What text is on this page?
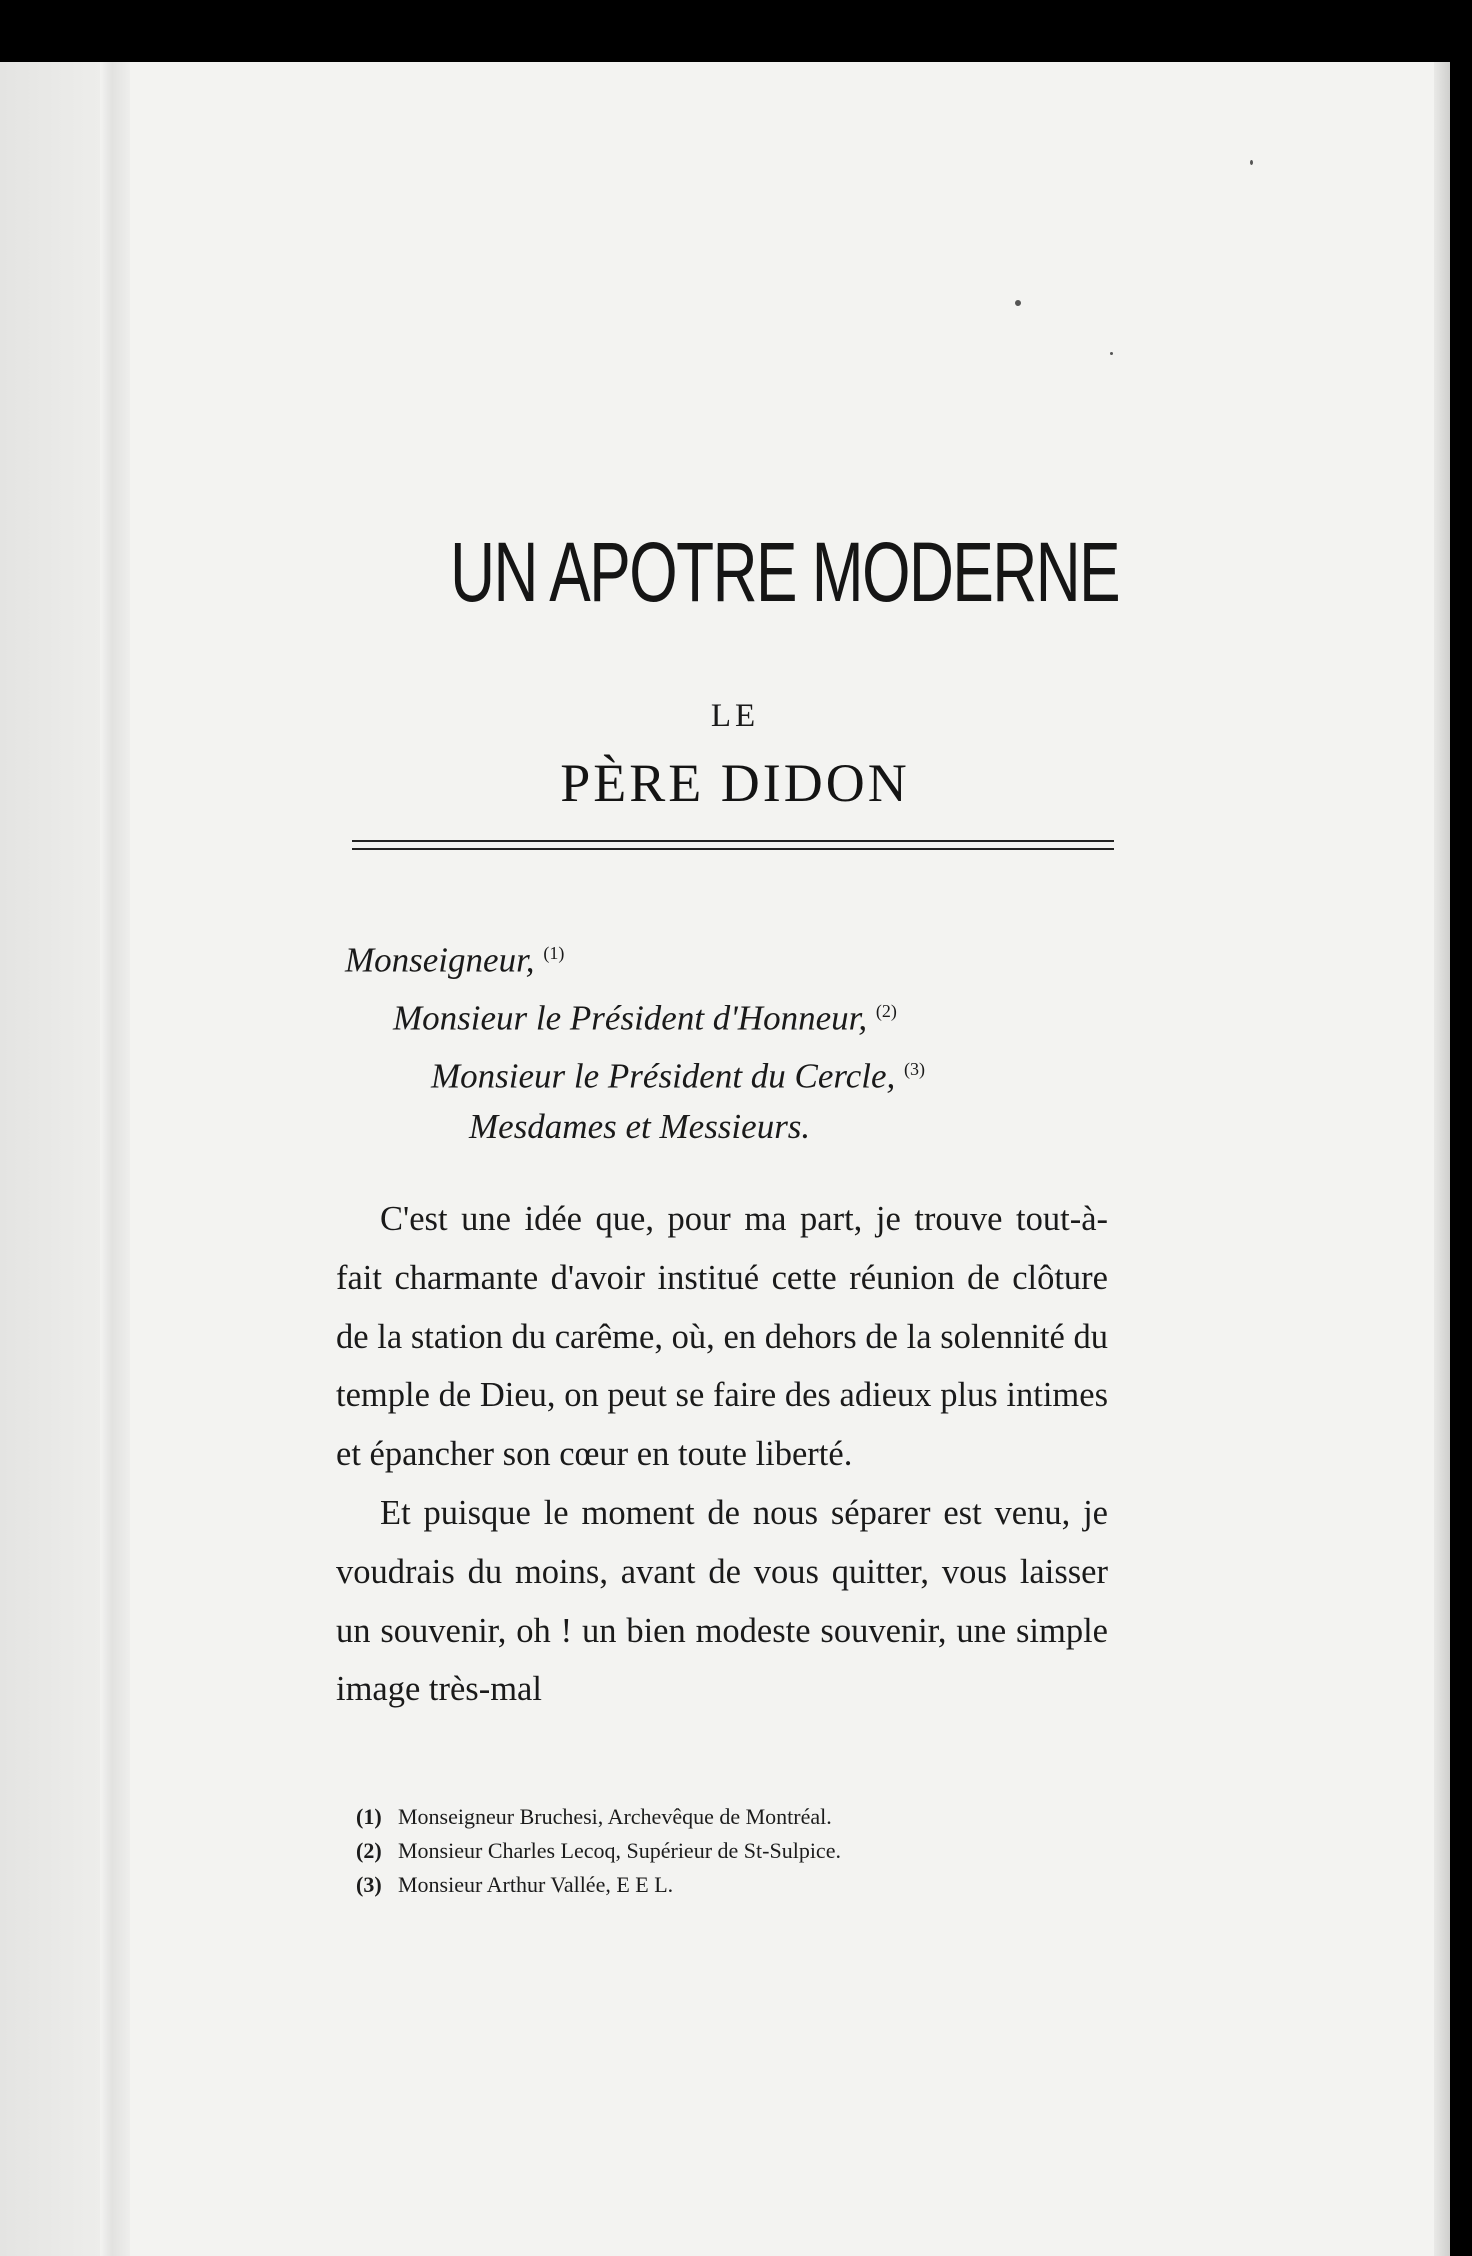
UN APOTRE MODERNE
LE
PÈRE DIDON
Monseigneur, $^{(1)}$
Monsieur le Président d'Honneur, $^{(2)}$
Monsieur le Président du Cercle, $^{(3)}$
Mesdames et Messieurs.

C'est une idée que, pour ma part, je trouve tout-à-fait charmante d'avoir institué cette réunion de clôture de la station du carême, où, en dehors de la solennité du temple de Dieu, on peut se faire des adieux plus intimes et épancher son cœur en toute liberté.

Et puisque le moment de nous séparer est venu, je voudrais du moins, avant de vous quitter, vous laisser un souvenir, oh ! un bien modeste souvenir, une simple image très-mal

(1) Monseigneur Bruchesi, Archevêque de Montréal.
(2) Monsieur Charles Lecoq, Supérieur de St-Sulpice.
(3) Monsieur Arthur Vallée, E E L.
